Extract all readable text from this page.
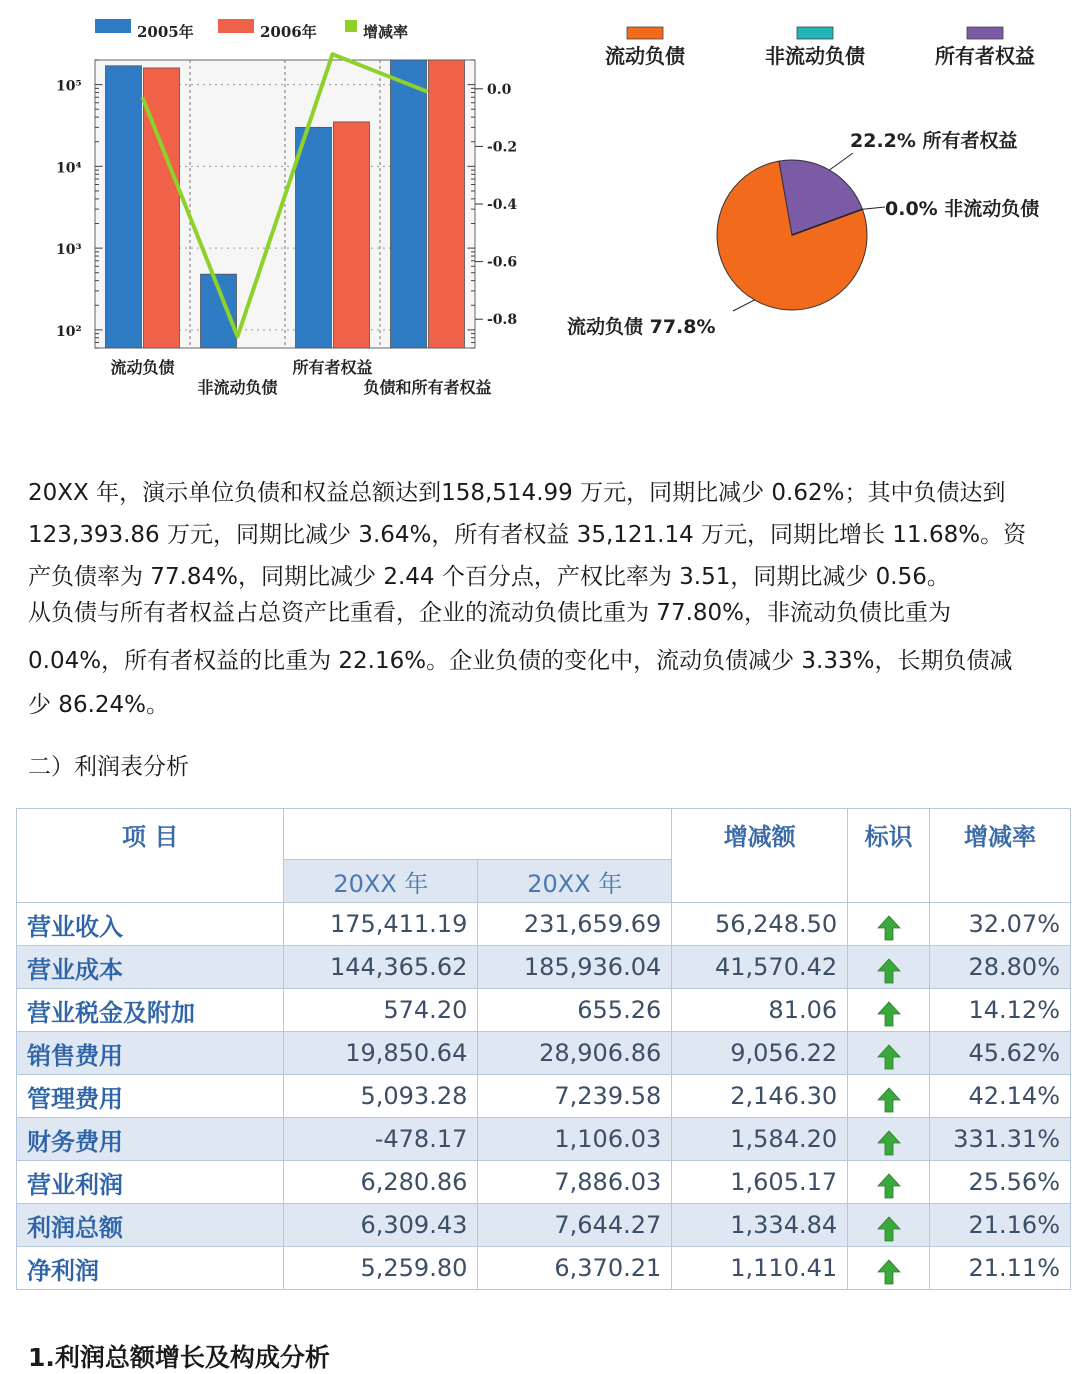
2005年	2006年	增减率
10⁵
10⁴
10³
10²
0.0
-0.2
-0.4
-0.6
-0.8
流动负债
非流动负债
所有者权益
负债和所有者权益
流动负债	非流动负债	所有者权益
22.2% 所有者权益
0.0% 非流动负债
流动负债 77.8%
20XX 年，演示单位负债和权益总额达到158,514.99 万元，同期比减少 0.62%；其中负债达到
123,393.86 万元，同期比减少 3.64%，所有者权益 35,121.14 万元，同期比增长 11.68%。资
产负债率为 77.84%，同期比减少 2.44 个百分点，产权比率为 3.51，同期比减少 0.56。
从负债与所有者权益占总资产比重看，企业的流动负债比重为 77.80%，非流动负债比重为
0.04%，所有者权益的比重为 22.16%。企业负债的变化中，流动负债减少 3.33%，长期负债减
少 86.24%。
二）利润表分析
项 目			增减额	标识	增减率
	20XX 年	20XX 年			
营业收入	175,411.19	231,659.69	56,248.50		32.07%
营业成本	144,365.62	185,936.04	41,570.42		28.80%
营业税金及附加	574.20	655.26	81.06		14.12%
销售费用	19,850.64	28,906.86	9,056.22		45.62%
管理费用	5,093.28	7,239.58	2,146.30		42.14%
财务费用	-478.17	1,106.03	1,584.20		331.31%
营业利润	6,280.86	7,886.03	1,605.17		25.56%
利润总额	6,309.43	7,644.27	1,334.84		21.16%
净利润	5,259.80	6,370.21	1,110.41		21.11%
1.利润总额增长及构成分析
